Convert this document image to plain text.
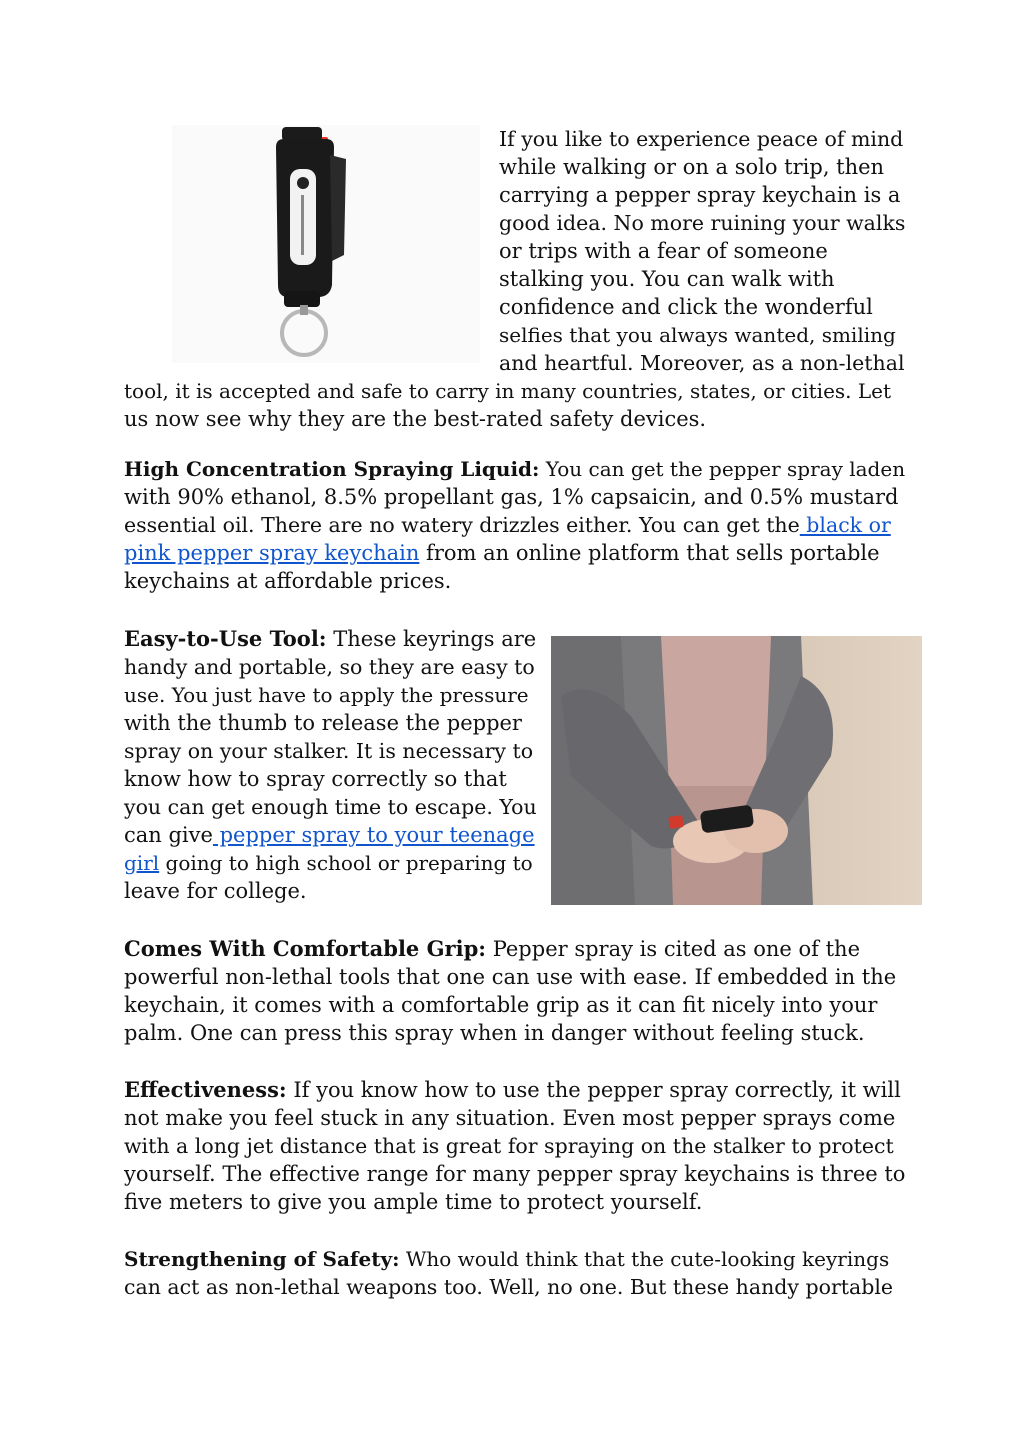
If you like to experience peace of mind

while walking or on a solo trip, then

carrying a pepper spray keychain is a

good idea. No more ruining your walks

or trips with a fear of someone

stalking you. You can walk with

confidence and click the wonderful

selfies that you always wanted, smiling

and heartful. Moreover, as a non-lethal

tool, it is accepted and safe to carry in many countries, states, or cities. Let

us now see why they are the best-rated safety devices.

High Concentration Spraying Liquid: You can get the pepper spray laden

with 90% ethanol, 8.5% propellant gas, 1% capsaicin, and 0.5% mustard

essential oil. There are no watery drizzles either. You can get the black or

pink pepper spray keychain from an online platform that sells portable

keychains at affordable prices.

Easy-to-Use Tool: These keyrings are

handy and portable, so they are easy to

use. You just have to apply the pressure

with the thumb to release the pepper

spray on your stalker. It is necessary to

know how to spray correctly so that

you can get enough time to escape. You

can give pepper spray to your teenage

girl going to high school or preparing to

leave for college.

Comes With Comfortable Grip: Pepper spray is cited as one of the

powerful non-lethal tools that one can use with ease. If embedded in the

keychain, it comes with a comfortable grip as it can fit nicely into your

palm. One can press this spray when in danger without feeling stuck.

Effectiveness: If you know how to use the pepper spray correctly, it will

not make you feel stuck in any situation. Even most pepper sprays come

with a long jet distance that is great for spraying on the stalker to protect

yourself. The effective range for many pepper spray keychains is three to

five meters to give you ample time to protect yourself.

Strengthening of Safety: Who would think that the cute-looking keyrings

can act as non-lethal weapons too. Well, no one. But these handy portable
